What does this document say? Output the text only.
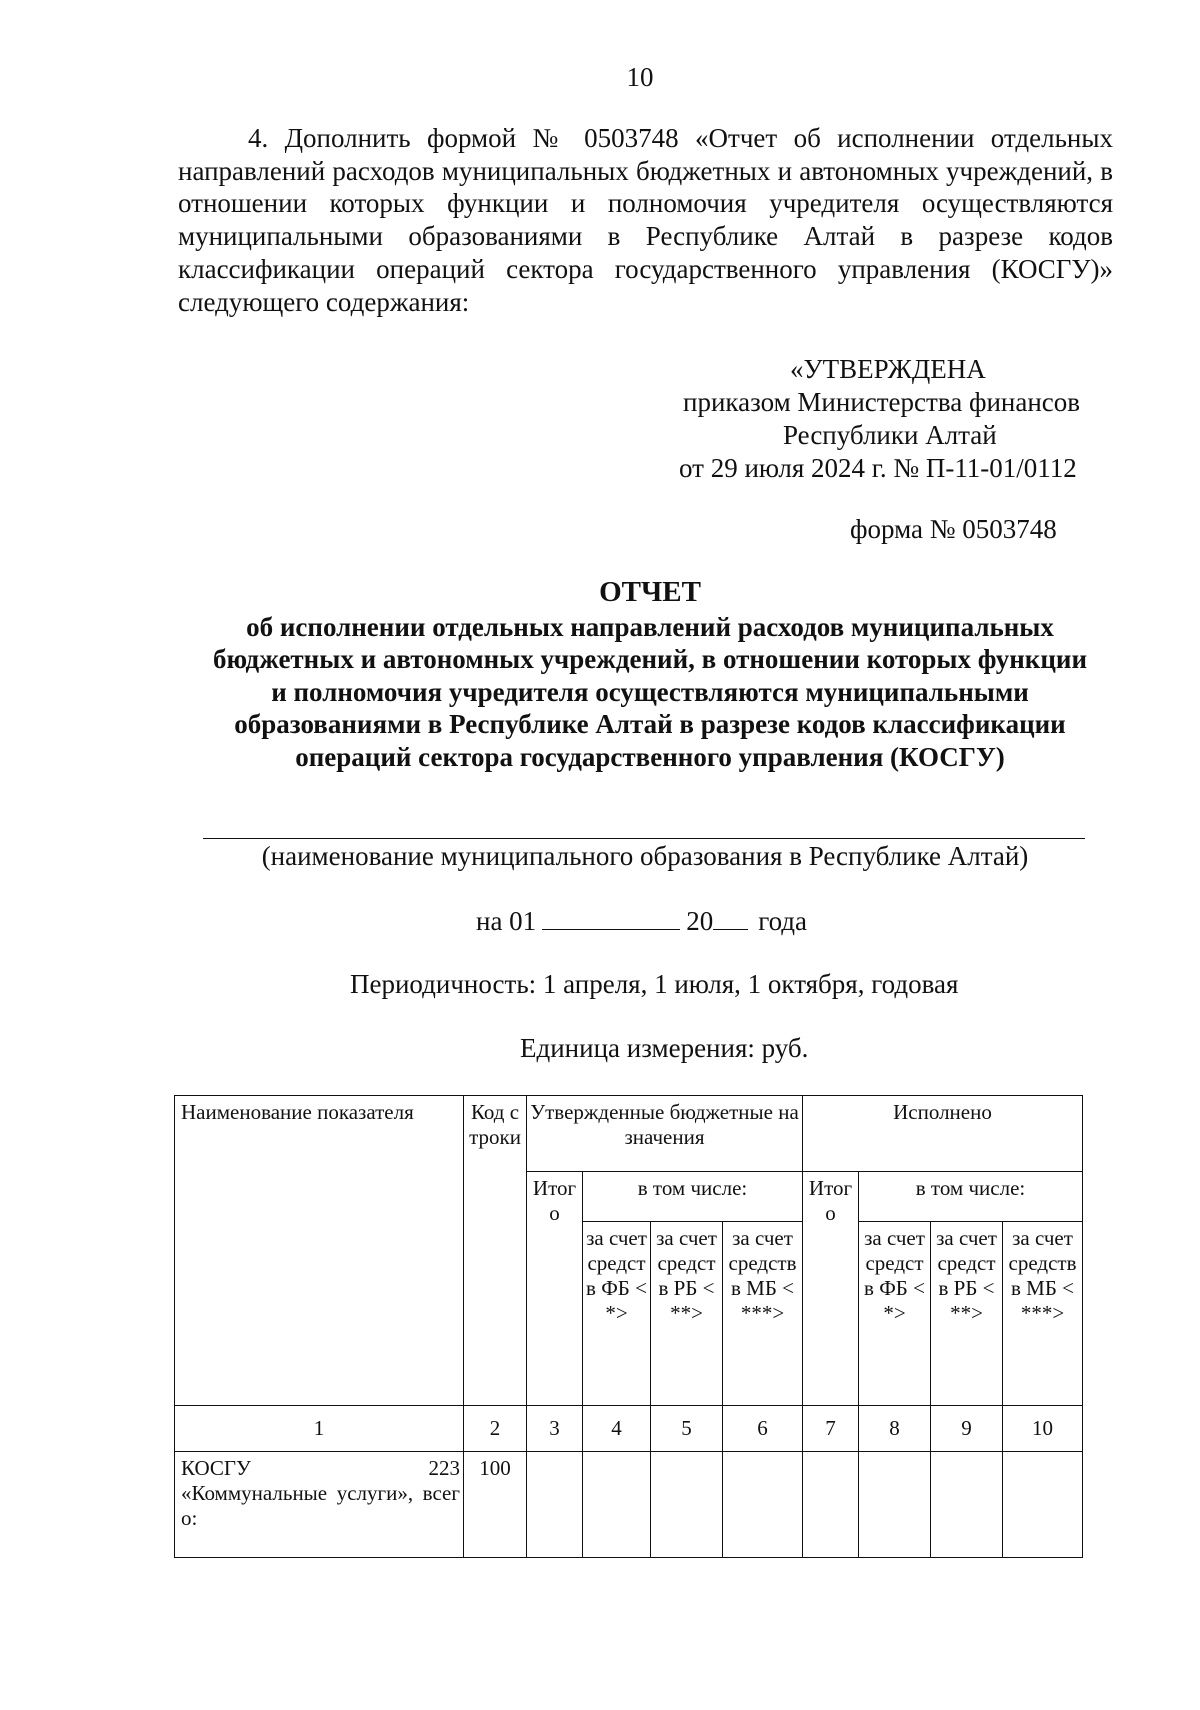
10
4. Дополнить формой № 0503748 «Отчет об исполнении отдельных направлений расходов муниципальных бюджетных и автономных учреждений, в отношении которых функции и полномочия учредителя осуществляются муниципальными образованиями в Республике Алтай в разрезе кодов классификации операций сектора государственного управления (КОСГУ)» следующего содержания:
«УТВЕРЖДЕНА
приказом Министерства финансов
Республики Алтай
от 29 июля 2024 г. № П-11-01/0112
форма № 0503748
ОТЧЕТ
об исполнении отдельных направлений расходов муниципальных
бюджетных и автономных учреждений, в отношении которых функции
и полномочия учредителя осуществляются муниципальными
образованиями в Республике Алтай в разрезе кодов классификации
операций сектора государственного управления (КОСГУ)
(наименование муниципального образования в Республике Алтай)
на 01	20 года
Периодичность: 1 апреля, 1 июля, 1 октября, годовая
Единица измерения: руб.
Наименование показателя	Код строки	Утвержденные бюджетные назначения				Исполнено			
		Итого	в том числе:			Итого	в том числе:		
			за счет средств ФБ <*>	за счет средств РБ <**>	за счет средств в МБ <***>		за счет средств ФБ <*>	за счет средств РБ <**>	за счет средств в МБ <***>
1	2	3	4	5	6	7	8	9	10

КОСГУ 223
«Коммунальные услуги», всего:	100								
